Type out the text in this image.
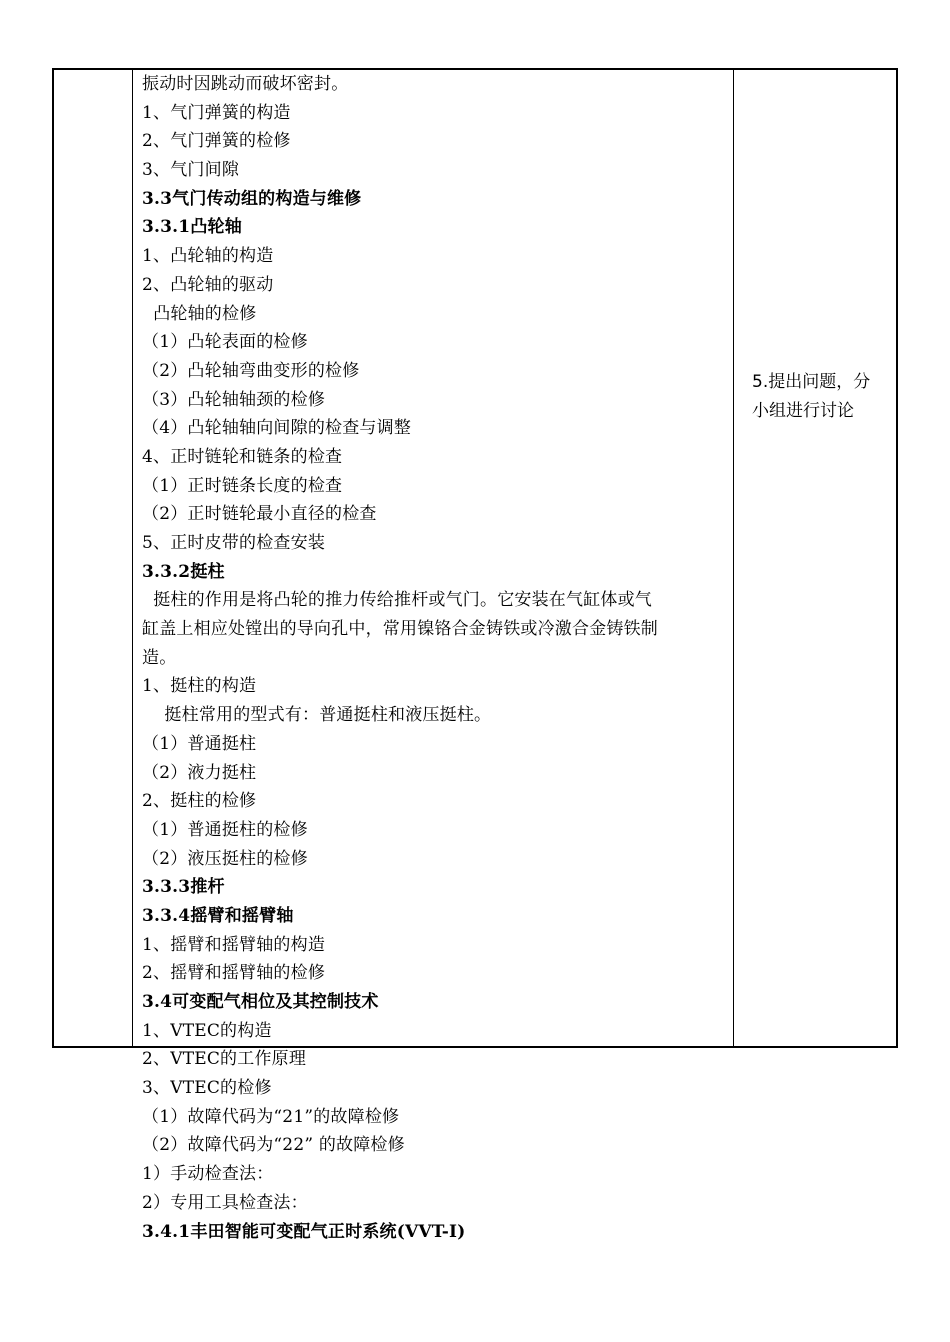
振动时因跳动而破坏密封。
1、气门弹簧的构造
2、气门弹簧的检修
3、气门间隙
3.3气门传动组的构造与维修
3.3.1凸轮轴
1、凸轮轴的构造
2、凸轮轴的驱动
凸轮轴的检修
（1）凸轮表面的检修
（2）凸轮轴弯曲变形的检修
（3）凸轮轴轴颈的检修
（4）凸轮轴轴向间隙的检查与调整
4、正时链轮和链条的检查
（1）正时链条长度的检查
（2）正时链轮最小直径的检查
5、正时皮带的检查安装
3.3.2挺柱
挺柱的作用是将凸轮的推力传给推杆或气门。它安装在气缸体或气
缸盖上相应处镗出的导向孔中，常用镍铬合金铸铁或冷激合金铸铁制
造。
1、挺柱的构造
挺柱常用的型式有：普通挺柱和液压挺柱。
（1）普通挺柱
（2）液力挺柱
2、挺柱的检修
（1）普通挺柱的检修
（2）液压挺柱的检修
3.3.3推杆
3.3.4摇臂和摇臂轴
1、摇臂和摇臂轴的构造
2、摇臂和摇臂轴的检修
3.4可变配气相位及其控制技术
1、VTEC的构造
2、VTEC的工作原理
3、VTEC的检修
（1）故障代码为“21”的故障检修
（2）故障代码为“22” 的故障检修
1）手动检查法：
2）专用工具检查法：
3.4.1丰田智能可变配气正时系统(VVT-I)
5.提出问题，分
小组进行讨论
